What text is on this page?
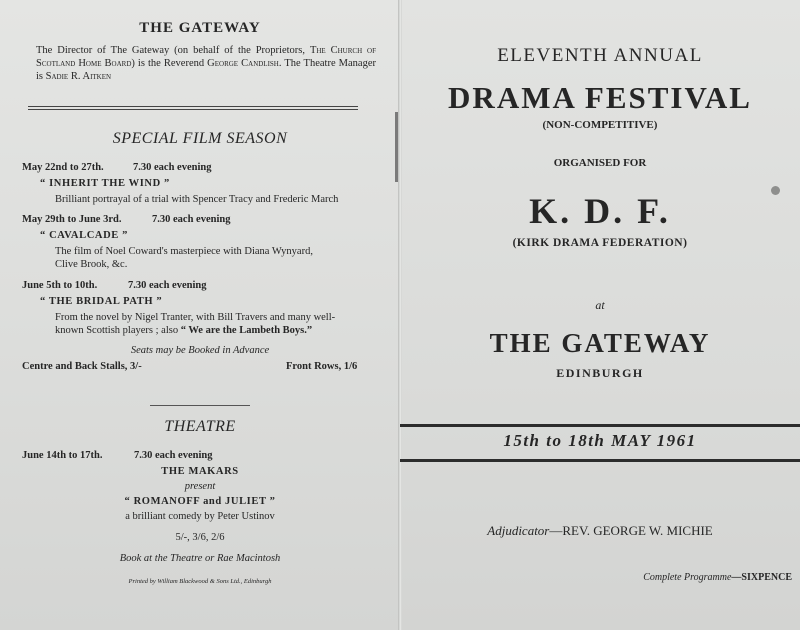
THE GATEWAY
The Director of The Gateway (on behalf of the Proprietors, The Church of Scotland Home Board) is the Reverend George Candlish. The Theatre Manager is Sadie R. Aitken
SPECIAL FILM SEASON
May 22nd to 27th.	7.30 each evening
“ INHERIT THE WIND ”
Brilliant portrayal of a trial with Spencer Tracy and Frederic March
May 29th to June 3rd.	7.30 each evening
“ CAVALCADE ”
The film of Noel Coward's masterpiece with Diana Wynyard,
Clive Brook, &c.
June 5th to 10th.	7.30 each evening
“ THE BRIDAL PATH ”
From the novel by Nigel Tranter, with Bill Travers and many well-
known Scottish players ; also “ We are the Lambeth Boys.”
Seats may be Booked in Advance
Centre and Back Stalls, 3/-	Front Rows, 1/6
THEATRE
June 14th to 17th.	7.30 each evening
THE MAKARS
present
“ ROMANOFF and JULIET ”
a brilliant comedy by Peter Ustinov
5/-, 3/6, 2/6
Book at the Theatre or Rae Macintosh
Printed by William Blackwood & Sons Ltd., Edinburgh
ELEVENTH ANNUAL
DRAMA FESTIVAL
(NON-COMPETITIVE)
ORGANISED FOR
K. D. F.
(KIRK DRAMA FEDERATION)
at
THE GATEWAY
EDINBURGH
15th to 18th MAY 1961
Adjudicator—REV. GEORGE W. MICHIE
Complete Programme—SIXPENCE
